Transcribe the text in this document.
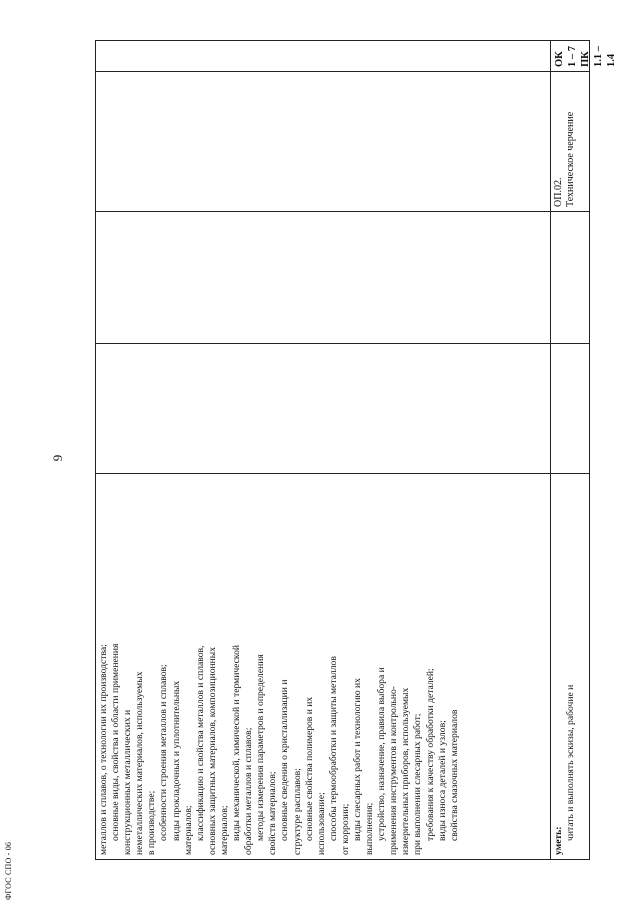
9
ФГОС СПО - 06
металлов и сплавов, о технологии их производства; основные виды, свойства и области применения конструкционных металлических и неметаллических материалов, используемых в производстве; особенности строения металлов и сплавов; виды прокладочных и уплотнительных материалов; классификацию и свойства металлов и сплавов, основных защитных материалов, композиционных материалов; виды механической, химической и термической обработки металлов и сплавов; методы измерения параметров и определения свойств материалов; основные сведения о кристаллизации и структуре расплавов; основные свойства полимеров и их использование; способы термообработки и защиты металлов от коррозии; виды слесарных работ и технологию их выполнения; устройство, назначение, правила выбора и применения инструментов и контрольно- измерительных приборов, используемых при выполнении слесарных работ; требования к качеству обработки деталей; виды износа деталей и узлов; свойства смазочных материалов	уметь: читать и выполнять эскизы, рабочие и
ОП.02. Техническое черчение
ОК 1 – 7 ПК 1.1 – 1.4
